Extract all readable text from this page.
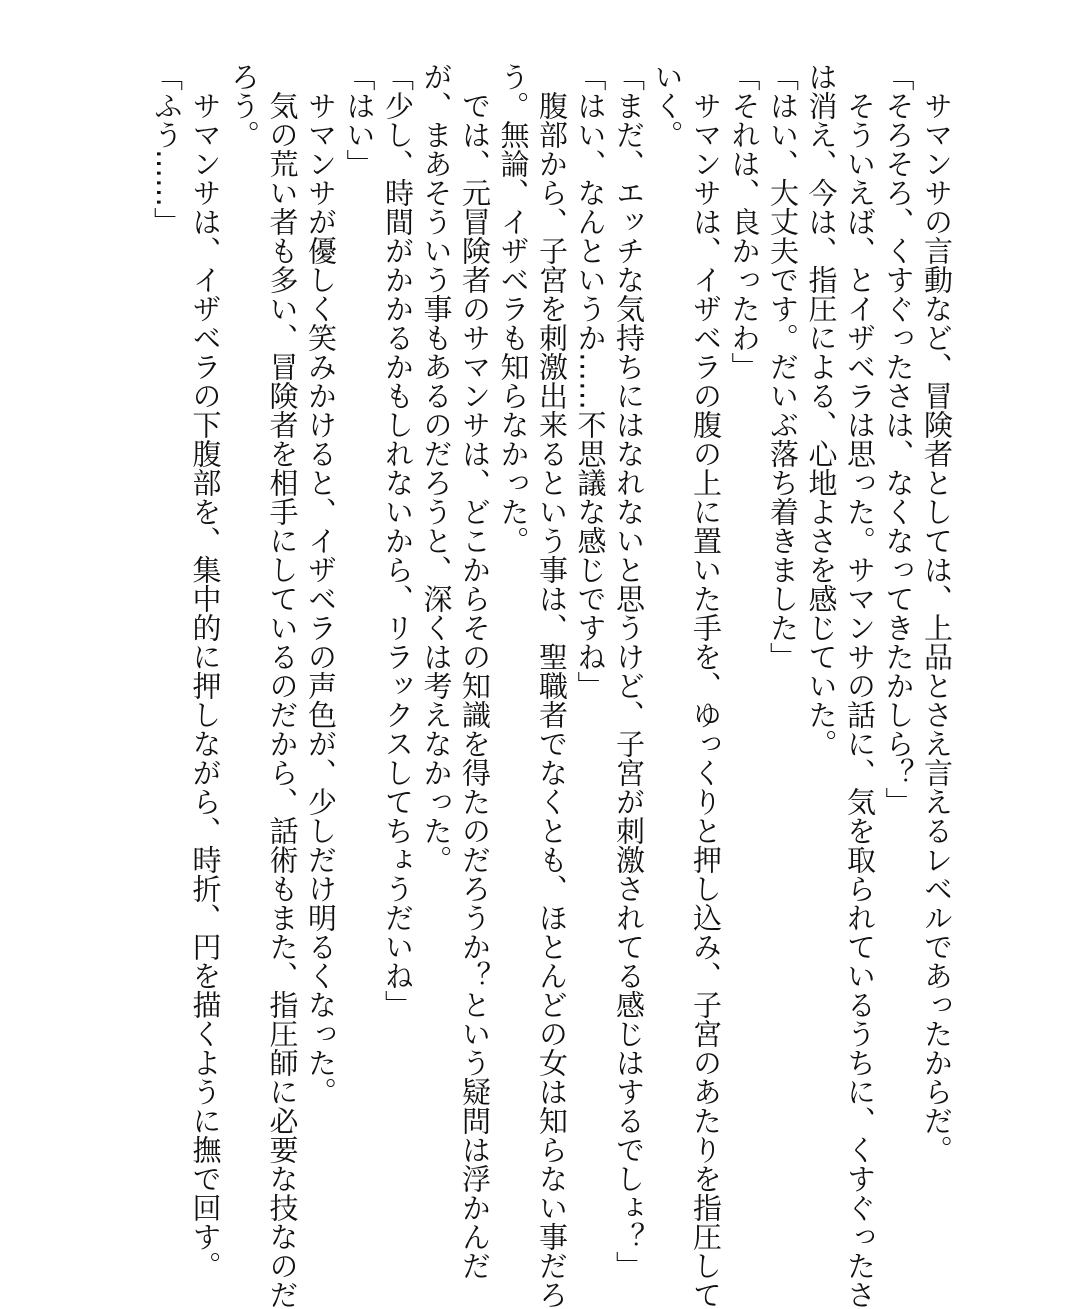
サマンサの言動など、冒険者としては、上品とさえ言えるレベルであったからだ。
「そろそろ、くすぐったさは、なくなってきたかしら？」
そういえば、とイザベラは思った。サマンサの話に、気を取られているうちに、くすぐったさ
は消え、今は、指圧による、心地よさを感じていた。
「はい、大丈夫です。だいぶ落ち着きました」
「それは、良かったわ」
サマンサは、イザベラの腹の上に置いた手を、ゆっくりと押し込み、子宮のあたりを指圧して
いく。
「まだ、エッチな気持ちにはなれないと思うけど、子宮が刺激されてる感じはするでしょ？」
「はい、なんというか……不思議な感じですね」
腹部から、子宮を刺激出来るという事は、聖職者でなくとも、ほとんどの女は知らない事だろ
う。無論、イザベラも知らなかった。
では、元冒険者のサマンサは、どこからその知識を得たのだろうか？という疑問は浮かんだ
が、まあそういう事もあるのだろうと、深くは考えなかった。
「少し、時間がかかるかもしれないから、リラックスしてちょうだいね」
「はい」
サマンサが優しく笑みかけると、イザベラの声色が、少しだけ明るくなった。
気の荒い者も多い、冒険者を相手にしているのだから、話術もまた、指圧師に必要な技なのだ
ろう。
サマンサは、イザベラの下腹部を、集中的に押しながら、時折、円を描くように撫で回す。
「ふう……」
